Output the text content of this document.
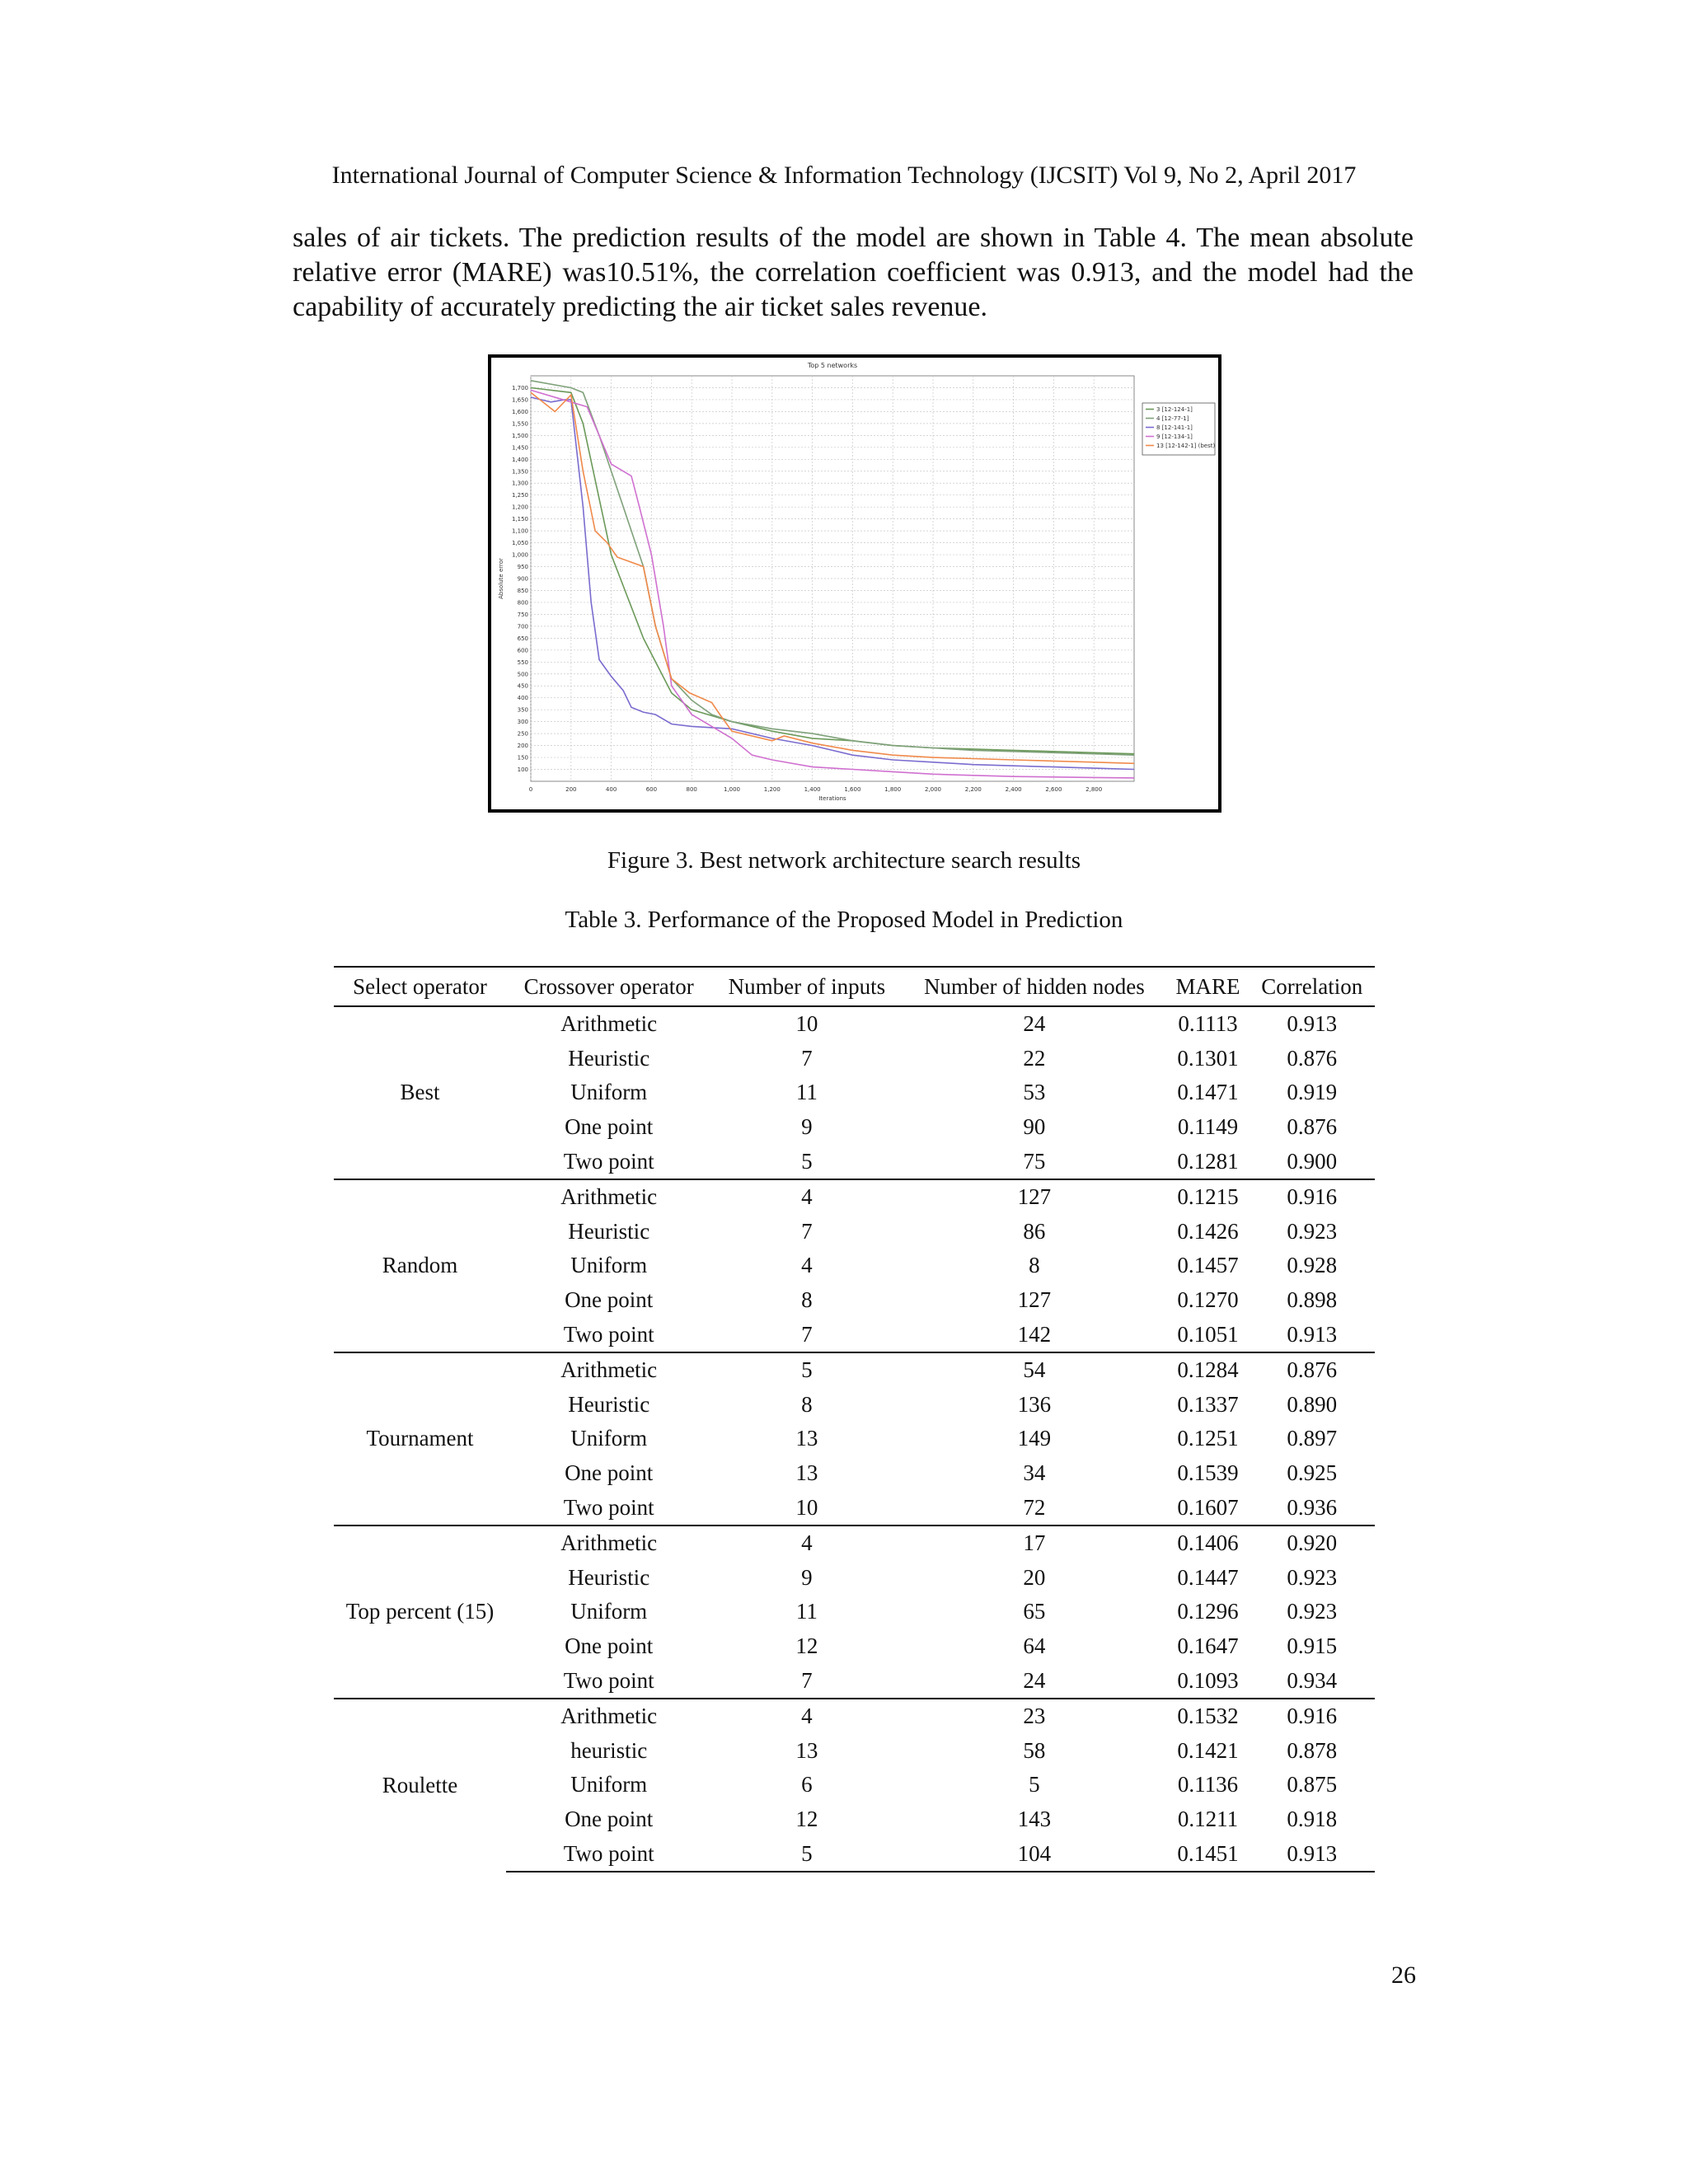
International Journal of Computer Science & Information Technology (IJCSIT) Vol 9, No 2, April 2017
sales of air tickets. The prediction results of the model are shown in Table 4. The mean absolute
relative error (MARE) was10.51%, the correlation coefficient was 0.913, and the model had the
capability of accurately predicting the air ticket sales revenue.
0	200	400	600	800	1,000	1,200	1,400	1,600	1,800	2,000	2,200	2,400	2,600	2,800
100
150
200
250
300
350
400
450
500
550
600
650
700
750
800
850
900
950
1,000
1,050
1,100
1,150
1,200
1,250
1,300
1,350
1,400
1,450
1,500
1,550
1,600
1,650
1,700
Top 5 networks
Iterations
Absolute error
3 [12-124-1]
4 [12-77-1]
8 [12-141-1]
9 [12-134-1]
13 [12-142-1] (best)
Figure 3. Best network architecture search results
Table 3. Performance of the Proposed Model in Prediction
Select operator	Crossover operator	Number of inputs	Number of hidden nodes	MARE	Correlation
Best	Arithmetic	10	24	0.1113	0.913
	Heuristic	7	22	0.1301	0.876
	Uniform	11	53	0.1471	0.919
	One point	9	90	0.1149	0.876
	Two point	5	75	0.1281	0.900
Random	Arithmetic	4	127	0.1215	0.916
	Heuristic	7	86	0.1426	0.923
	Uniform	4	8	0.1457	0.928
	One point	8	127	0.1270	0.898
	Two point	7	142	0.1051	0.913
Tournament	Arithmetic	5	54	0.1284	0.876
	Heuristic	8	136	0.1337	0.890
	Uniform	13	149	0.1251	0.897
	One point	13	34	0.1539	0.925
	Two point	10	72	0.1607	0.936
Top percent (15)	Arithmetic	4	17	0.1406	0.920
	Heuristic	9	20	0.1447	0.923
	Uniform	11	65	0.1296	0.923
	One point	12	64	0.1647	0.915
	Two point	7	24	0.1093	0.934
Roulette	Arithmetic	4	23	0.1532	0.916
	heuristic	13	58	0.1421	0.878
	Uniform	6	5	0.1136	0.875
	One point	12	143	0.1211	0.918
	Two point	5	104	0.1451	0.913
26
